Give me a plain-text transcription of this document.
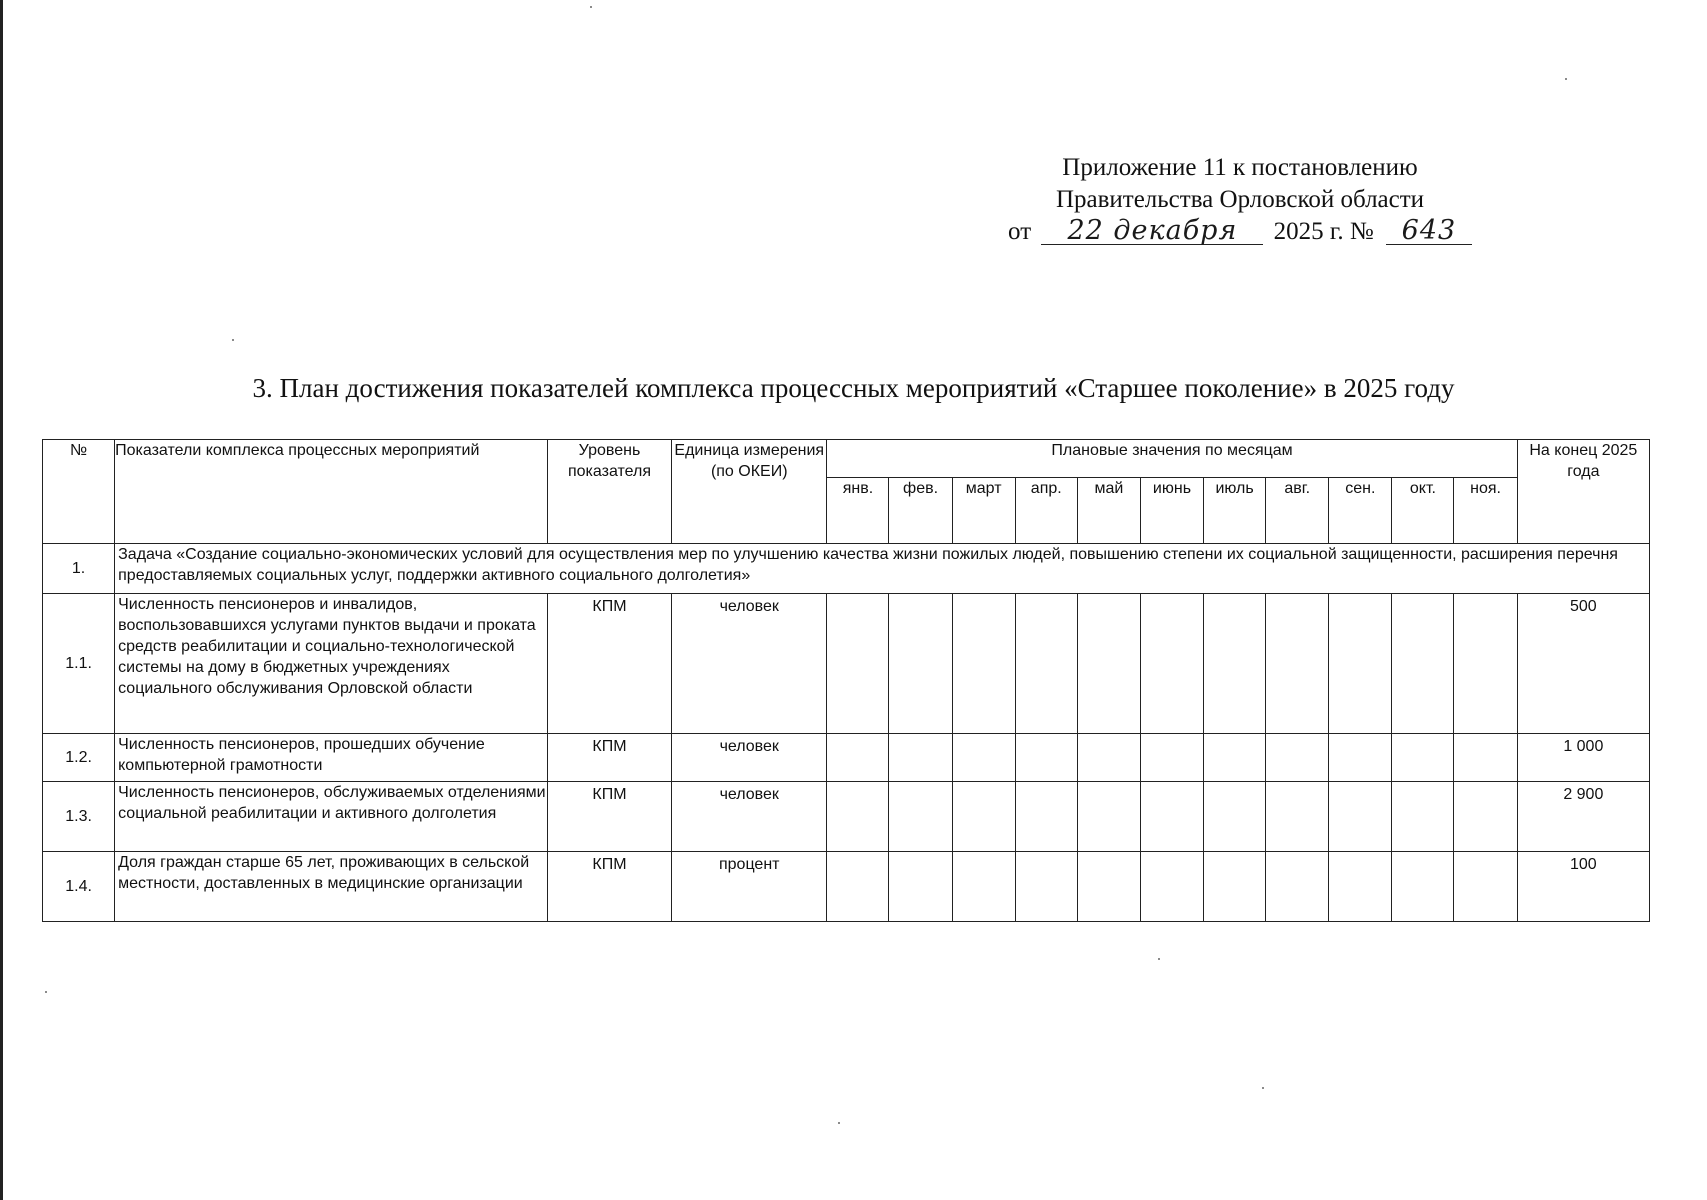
Приложение 11 к постановлению
Правительства Орловской области
от 22 декабря 2025 г. № 643
3. План достижения показателей комплекса процессных мероприятий «Старшее поколение» в 2025 году
№	Показатели комплекса процессных мероприятий	Уровень показателя	Единица измерения (по ОКЕИ)	Плановые значения по месяцам											На конец 2025 года
				янв.	фев.	март	апр.	май	июнь	июль	авг.	сен.	окт.	ноя.	
1.	Задача «Создание социально-экономических условий для осуществления мер по улучшению качества жизни пожилых людей, повышению степени их социальной защищенности, расширения перечня предоставляемых социальных услуг, поддержки активного социального долголетия»														
1.1.	Численность пенсионеров и инвалидов, воспользовавшихся услугами пунктов выдачи и проката средств реабилитации и социально-технологической системы на дому в бюджетных учреждениях социального обслуживания Орловской области	КПМ	человек												500
1.2.	Численность пенсионеров, прошедших обучение компьютерной грамотности	КПМ	человек												1 000
1.3.	Численность пенсионеров, обслуживаемых отделениями социальной реабилитации и активного долголетия	КПМ	человек												2 900
1.4.	Доля граждан старше 65 лет, проживающих в сельской местности, доставленных в медицинские организации	КПМ	процент												100
